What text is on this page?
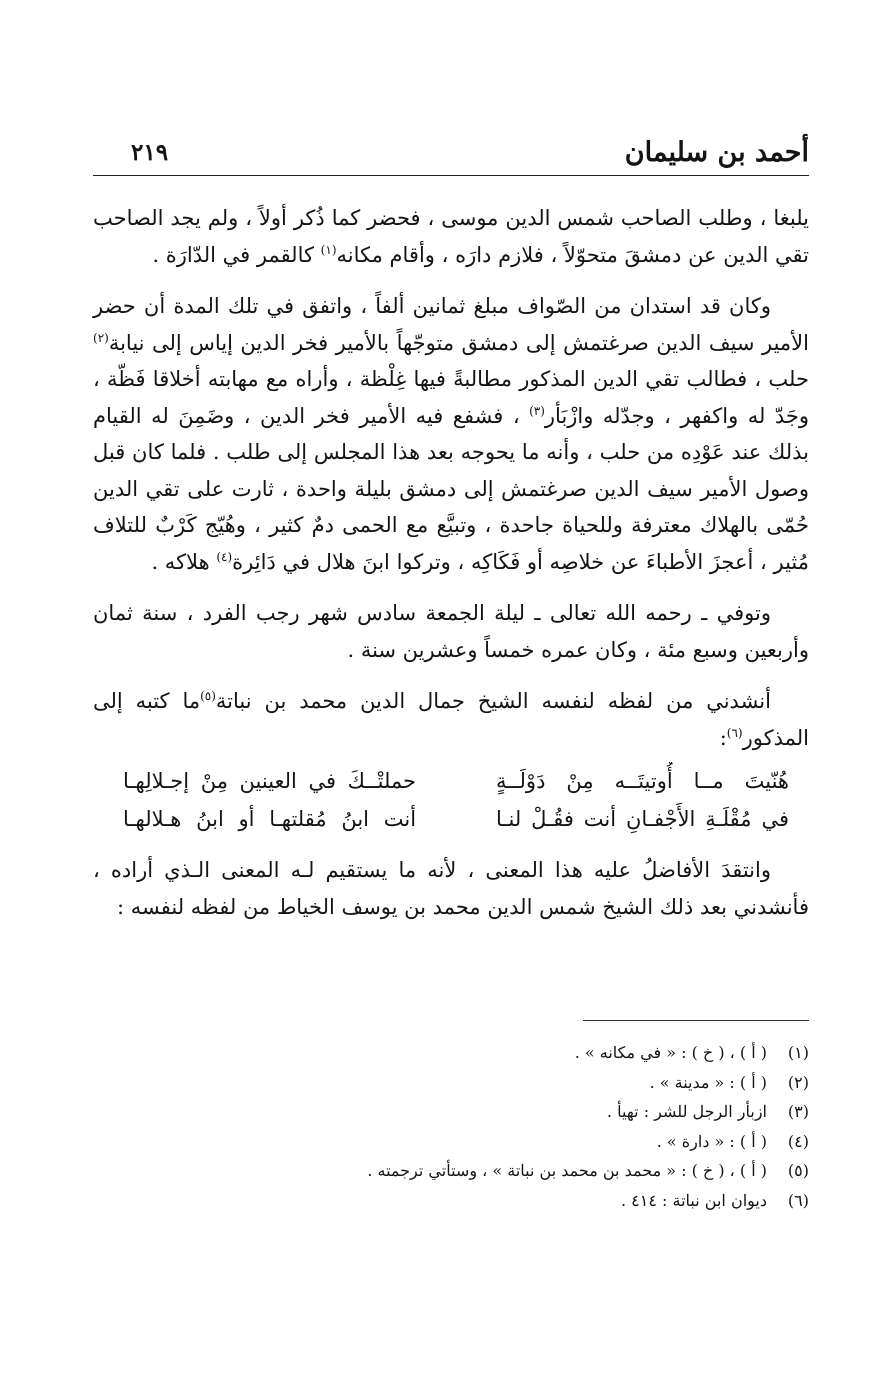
أحمد بن سليمان
٢١٩

يلبغا ، وطلب الصاحب شمس الدين موسى ، فحضر كما ذُكر أولاً ، ولم يجد الصاحب تقي الدين عن دمشقَ متحوّلاً ، فلازم دارَه ، وأقام مكانه$^{(١)}$ كالقمر في الدّارَة .

وكان قد استدان من الصّواف مبلغ ثمانين ألفاً ، واتفق في تلك المدة أن حضر الأمير سيف الدين صرغتمش إلى دمشق متوجّهاً بالأمير فخر الدين إياس إلى نيابة$^{(٢)}$ حلب ، فطالب تقي الدين المذكور مطالبةً فيها غِلْظة ، وأراه مع مهابته أخلاقا فَظّة ، وجَدّ له واكفهر ، وجدّله وازْبَأر$^{(٣)}$ ، فشفع فيه الأمير فخر الدين ، وضَمِنَ له القيام بذلك عند عَوْدِه من حلب ، وأنه ما يحوجه بعد هذا المجلس إلى طلب . فلما كان قبل وصول الأمير سيف الدين صرغتمش إلى دمشق بليلة واحدة ، ثارت على تقي الدين حُمّى بالهلاك معترفة وللحياة جاحدة ، وتبيَّع مع الحمى دمٌ كثير ، وهُيّج كَرْبٌ للتلاف مُثير ، أعجزَ الأطباءَ عن خلاصِه أو فَكَاكِه ، وتركوا ابنَ هلال في دَائِرة$^{(٤)}$ هلاكه .

وتوفي ـ رحمه الله تعالى ـ ليلة الجمعة سادس شهر رجب الفرد ، سنة ثمان وأربعين وسبع مئة ، وكان عمره خمساً وعشرين سنة .

أنشدني من لفظه لنفسه الشيخ جمال الدين محمد بن نباتة$^{(٥)}$ما كتبه إلى المذكور$^{(٦)}$:

هُنّيتَ مــا أُوتيتَــه مِنْ دَوْلَــةٍ
حملتْــكَ في العينين مِنْ إجـلالِهـا
في مُقْلَـةِ الأَجْفـانِ أنت فقُـلْ لنـا
أنت ابنُ مُقلتهـا أو ابنُ هـلالهـا

وانتقدَ الأفاضلُ عليه هذا المعنى ، لأنه ما يستقيم لـه المعنى الـذي أراده ، فأنشدني بعد ذلك الشيخ شمس الدين محمد بن يوسف الخياط من لفظه لنفسه :

(١)
( أ ) ، ( خ ) : « في مكانه » .
(٢)
( أ ) : « مدينة » .
(٣)
ازبأر الرجل للشر : تهيأ .
(٤)
( أ ) : « دارة » .
(٥)
( أ ) ، ( خ ) : « محمد بن محمد بن نباتة » ، وستأتي ترجمته .
(٦)
ديوان ابن نباتة : ٤١٤ .
